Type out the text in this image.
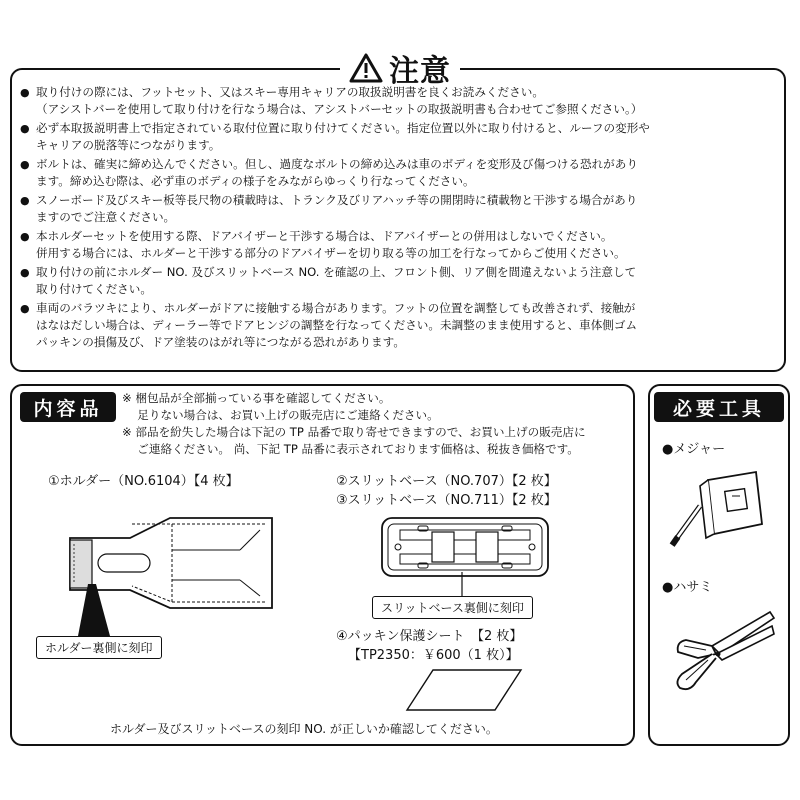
注意
● 取り付けの際には、フットセット、又はスキー専用キャリアの取扱説明書を良くお読みください。
（アシストバーを使用して取り付けを行なう場合は、アシストバーセットの取扱説明書も合わせてご参照ください。）
● 必ず本取扱説明書上で指定されている取付位置に取り付けてください。指定位置以外に取り付けると、ルーフの変形や
キャリアの脱落等につながります。
● ボルトは、確実に締め込んでください。但し、過度なボルトの締め込みは車のボディを変形及び傷つける恐れがあり
ます。締め込む際は、必ず車のボディの様子をみながらゆっくり行なってください。
● スノーボード及びスキー板等長尺物の積載時は、トランク及びリアハッチ等の開閉時に積載物と干渉する場合があり
ますのでご注意ください。
● 本ホルダーセットを使用する際、ドアバイザーと干渉する場合は、ドアバイザーとの併用はしないでください。
併用する場合には、ホルダーと干渉する部分のドアバイザーを切り取る等の加工を行なってからご使用ください。
● 取り付けの前にホルダー NO. 及びスリットベース NO. を確認の上、フロント側、リア側を間違えないよう注意して
取り付けてください。
● 車両のバラツキにより、ホルダーがドアに接触する場合があります。フットの位置を調整しても改善されず、接触が
はなはだしい場合は、ディーラー等でドアヒンジの調整を行なってください。未調整のまま使用すると、車体側ゴム
パッキンの損傷及び、ドア塗装のはがれ等につながる恐れがあります。
内容品	※ 梱包品が全部揃っている事を確認してください。
　 足りない場合は、お買い上げの販売店にご連絡ください。
※ 部品を紛失した場合は下記の TP 品番で取り寄せできますので、お買い上げの販売店に
　 ご連絡ください。 尚、下記 TP 品番に表示されております価格は、税抜き価格です。
①ホルダー（NO.6104）【4 枚】	②スリットベース（NO.707）【2 枚】
③スリットベース（NO.711）【2 枚】
④パッキン保護シート　【2 枚】
【TP2350：￥600（1 枚）】
ホルダー裏側に刻印
スリットベース裏側に刻印
ホルダー及びスリットベースの刻印 NO. が正しいか確認してください。
必要工具
●メジャー
●ハサミ
